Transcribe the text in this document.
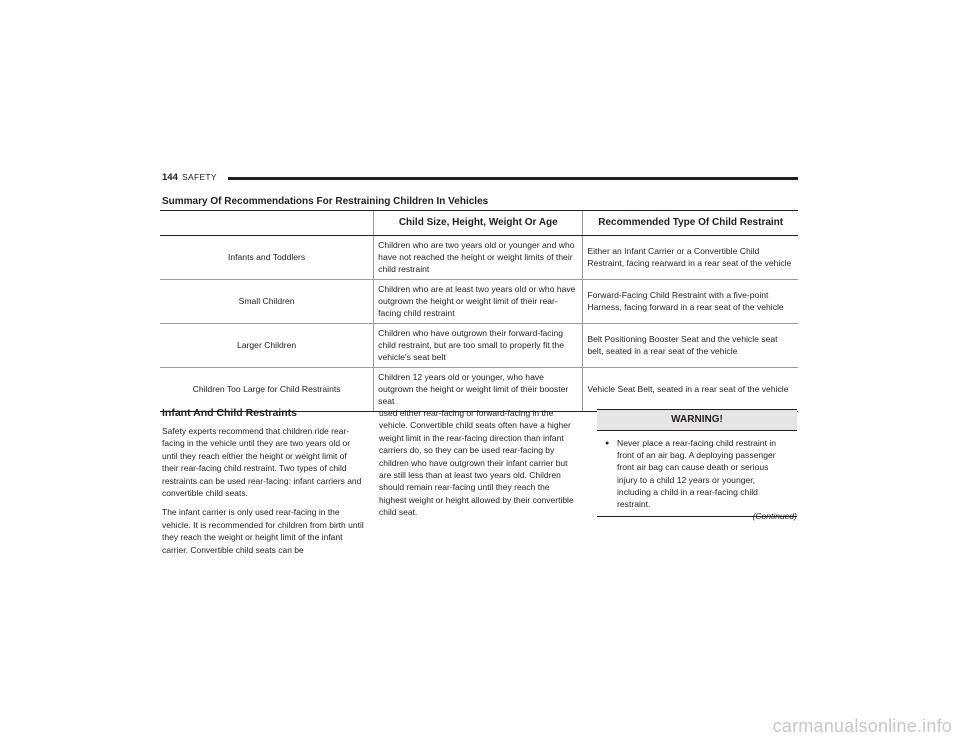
144 SAFETY
Summary Of Recommendations For Restraining Children In Vehicles
	Child Size, Height, Weight Or Age	Recommended Type Of Child Restraint
Infants and Toddlers	Children who are two years old or younger and who have not reached the height or weight limits of their child restraint	Either an Infant Carrier or a Convertible Child Restraint, facing rearward in a rear seat of the vehicle
Small Children	Children who are at least two years old or who have outgrown the height or weight limit of their rear-facing child restraint	Forward-Facing Child Restraint with a five-point Harness, facing forward in a rear seat of the vehicle
Larger Children	Children who have outgrown their forward-facing child restraint, but are too small to properly fit the vehicle's seat belt	Belt Positioning Booster Seat and the vehicle seat belt, seated in a rear seat of the vehicle
Children Too Large for Child Restraints	Children 12 years old or younger, who have outgrown the height or weight limit of their booster seat	Vehicle Seat Belt, seated in a rear seat of the vehicle
Infant And Child Restraints

Safety experts recommend that children ride rear-facing in the vehicle until they are two years old or until they reach either the height or weight limit of their rear-facing child restraint. Two types of child restraints can be used rear-facing: infant carriers and convertible child seats.

The infant carrier is only used rear-facing in the vehicle. It is recommended for children from birth until they reach the weight or height limit of the infant carrier. Convertible child seats can be

used either rear-facing or forward-facing in the vehicle. Convertible child seats often have a higher weight limit in the rear-facing direction than infant carriers do, so they can be used rear-facing by children who have outgrown their infant carrier but are still less than at least two years old. Children should remain rear-facing until they reach the highest weight or height allowed by their convertible child seat.

WARNING!
● Never place a rear-facing child restraint in front of an air bag. A deploying passenger front air bag can cause death or serious injury to a child 12 years or younger, including a child in a rear-facing child restraint.
(Continued)
carmanualsonline.info
